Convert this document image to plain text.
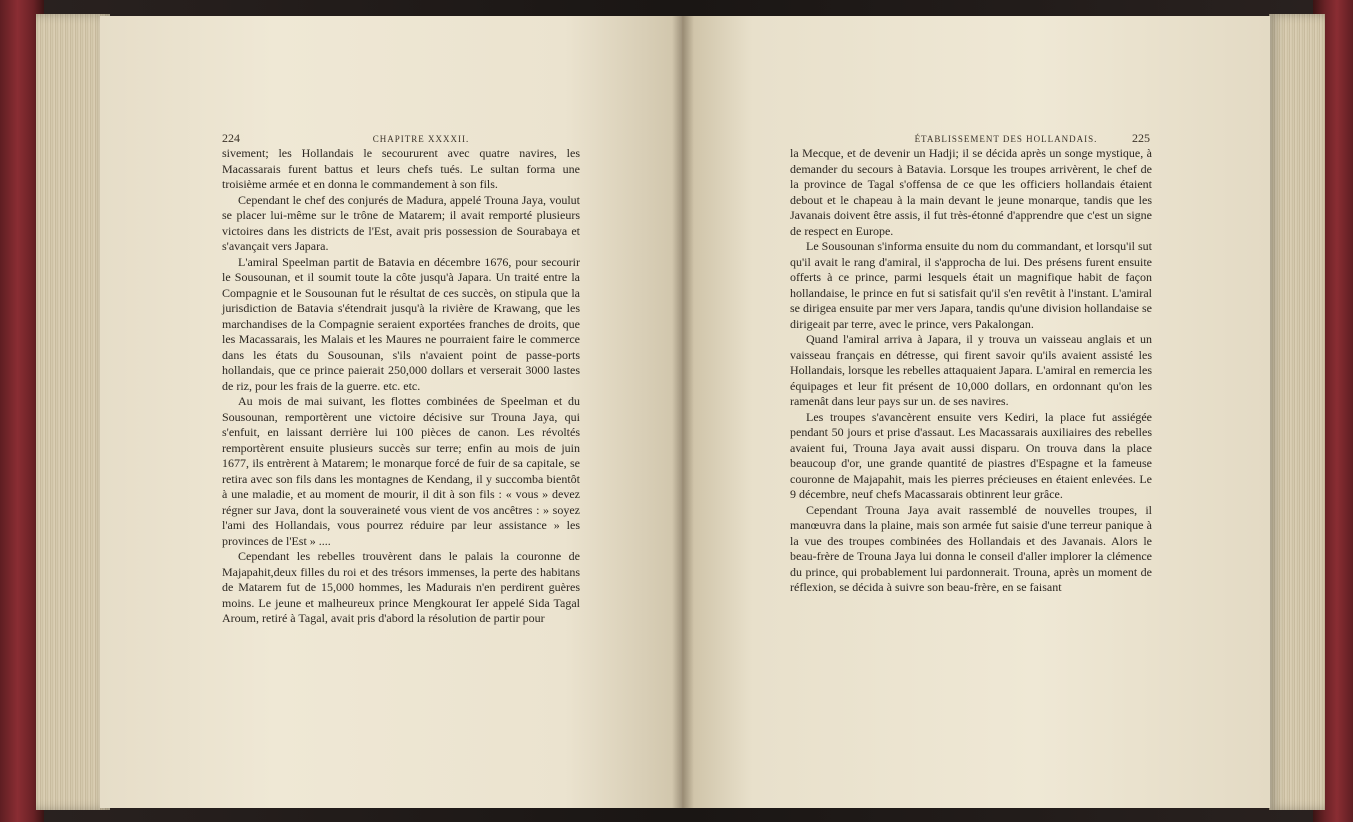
224	CHAPITRE XXXXII.

sivement; les Hollandais le secoururent avec quatre navires, les Macassarais furent battus et leurs chefs tués. Le sultan forma une troisième armée et en donna le commandement à son fils.

Cependant le chef des conjurés de Madura, appelé Trouna Jaya, voulut se placer lui-même sur le trône de Matarem; il avait remporté plusieurs victoires dans les districts de l'Est, avait pris possession de Sourabaya et s'avançait vers Japara.

L'amiral Speelman partit de Batavia en décembre 1676, pour secourir le Sousounan, et il soumit toute la côte jusqu'à Japara. Un traité entre la Compagnie et le Sousounan fut le résultat de ces succès, on stipula que la jurisdiction de Batavia s'étendrait jusqu'à la rivière de Krawang, que les marchandises de la Compagnie seraient exportées franches de droits, que les Macassarais, les Malais et les Maures ne pourraient faire le commerce dans les états du Sousounan, s'ils n'avaient point de passe-ports hollandais, que ce prince paierait 250,000 dollars et verserait 3000 lastes de riz, pour les frais de la guerre. etc. etc.

Au mois de mai suivant, les flottes combinées de Speelman et du Sousounan, remportèrent une victoire décisive sur Trouna Jaya, qui s'enfuit, en laissant derrière lui 100 pièces de canon. Les révoltés remportèrent ensuite plusieurs succès sur terre; enfin au mois de juin 1677, ils entrèrent à Matarem; le monarque forcé de fuir de sa capitale, se retira avec son fils dans les montagnes de Kendang, il y succomba bientôt à une maladie, et au moment de mourir, il dit à son fils : « vous » devez régner sur Java, dont la souveraineté vous vient de vos ancêtres : » soyez l'ami des Hollandais, vous pourrez réduire par leur assistance » les provinces de l'Est » ....

Cependant les rebelles trouvèrent dans le palais la couronne de Majapahit,deux filles du roi et des trésors immenses, la perte des habitans de Matarem fut de 15,000 hommes, les Madurais n'en perdirent guères moins. Le jeune et malheureux prince Mengkourat Ier appelé Sida Tagal Aroum, retiré à Tagal, avait pris d'abord la résolution de partir pour

ÉTABLISSEMENT DES HOLLANDAIS.	225

la Mecque, et de devenir un Hadji; il se décida après un songe mystique, à demander du secours à Batavia. Lorsque les troupes arrivèrent, le chef de la province de Tagal s'offensa de ce que les officiers hollandais étaient debout et le chapeau à la main devant le jeune monarque, tandis que les Javanais doivent être assis, il fut très-étonné d'apprendre que c'est un signe de respect en Europe.

Le Sousounan s'informa ensuite du nom du commandant, et lorsqu'il sut qu'il avait le rang d'amiral, il s'approcha de lui. Des présens furent ensuite offerts à ce prince, parmi lesquels était un magnifique habit de façon hollandaise, le prince en fut si satisfait qu'il s'en revêtit à l'instant. L'amiral se dirigea ensuite par mer vers Japara, tandis qu'une division hollandaise se dirigeait par terre, avec le prince, vers Pakalongan.

Quand l'amiral arriva à Japara, il y trouva un vaisseau anglais et un vaisseau français en détresse, qui firent savoir qu'ils avaient assisté les Hollandais, lorsque les rebelles attaquaient Japara. L'amiral en remercia les équipages et leur fit présent de 10,000 dollars, en ordonnant qu'on les ramenât dans leur pays sur un. de ses navires.

Les troupes s'avancèrent ensuite vers Kediri, la place fut assiégée pendant 50 jours et prise d'assaut. Les Macassarais auxiliaires des rebelles avaient fui, Trouna Jaya avait aussi disparu. On trouva dans la place beaucoup d'or, une grande quantité de piastres d'Espagne et la fameuse couronne de Majapahit, mais les pierres précieuses en étaient enlevées. Le 9 décembre, neuf chefs Macassarais obtinrent leur grâce.

Cependant Trouna Jaya avait rassemblé de nouvelles troupes, il manœuvra dans la plaine, mais son armée fut saisie d'une terreur panique à la vue des troupes combinées des Hollandais et des Javanais. Alors le beau-frère de Trouna Jaya lui donna le conseil d'aller implorer la clémence du prince, qui probablement lui pardonnerait. Trouna, après un moment de réflexion, se décida à suivre son beau-frère, en se faisant
